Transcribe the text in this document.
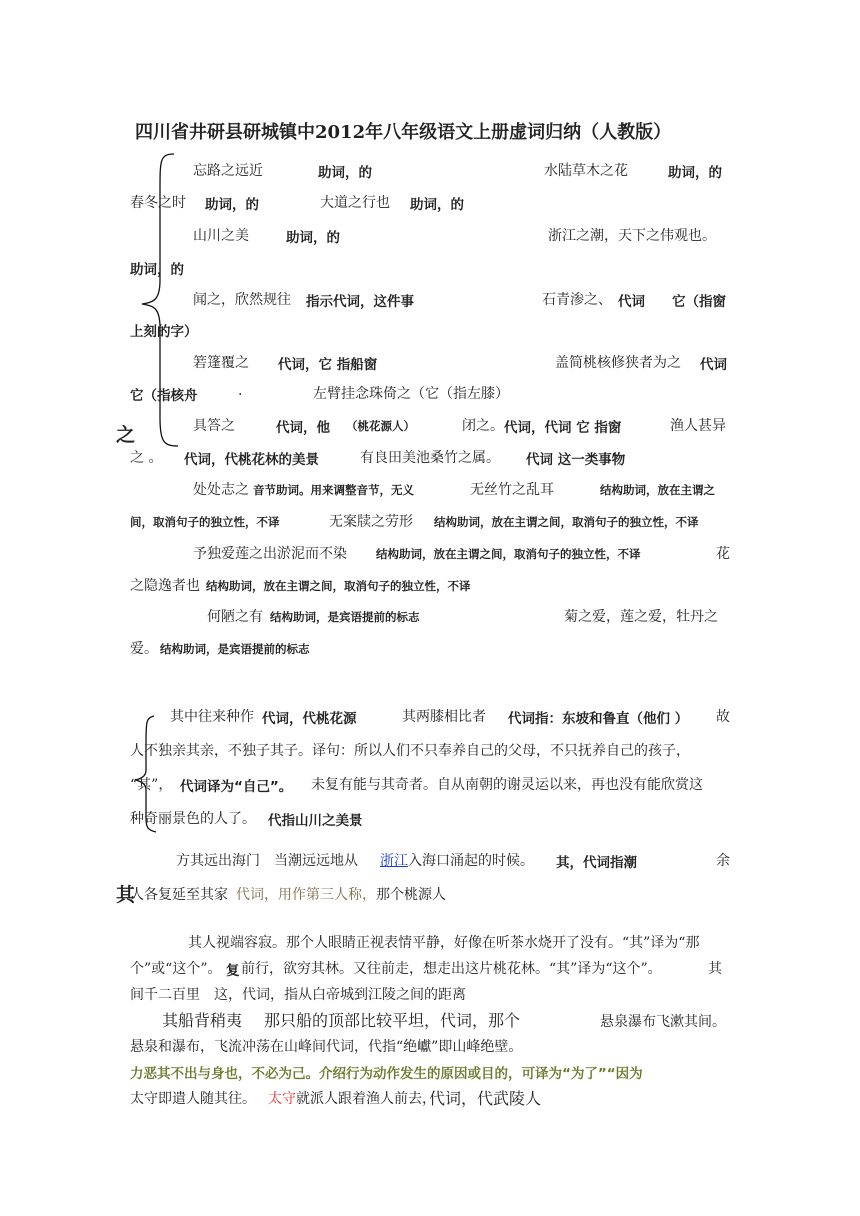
四川省井研县研城镇中2012年八年级语文上册虚词归纳（人教版）
之
忘路之远近	助词，的	水陆草木之花	助词，的
春冬之时 助词，的	大道之行也 助词，的
山川之美	助词，的	浙江之潮，天下之伟观也。
助词，的
闻之，欣然规往 指示代词，这件事	石青渗之、 代词 它（指窗
上刻的字）
箬篷覆之 代词，它 指船窗	盖简桃核修狭者为之 代词
它（指核舟	.	左臂挂念珠倚之（它（指左膝）
具答之	代词，他 （桃花源人）	闭之。 代词，代词 它 指窗	渔人甚异
之 。 代词，代桃花林的美景	有良田美池桑竹之属。 代词 这一类事物
处处志之 音节助词。用来调整音节，无义	无丝竹之乱耳	结构助词，放在主谓之
间，取消句子的独立性，不译	无案牍之劳形 结构助词，放在主谓之间，取消句子的独立性，不译
予独爱莲之出淤泥而不染	结构助词，放在主谓之间，取消句子的独立性，不译	花
之隐逸者也 结构助词，放在主谓之间，取消句子的独立性，不译
何陋之有 结构助词，是宾语提前的标志	菊之爱，莲之爱，牡丹之
爱。 结构助词，是宾语提前的标志
其
其中往来种作 代词，代桃花源	其两膝相比者 代词指：东坡和鲁直（他们 ） 故
人不独亲其亲，不独子其子。译句：所以人们不只奉养自己的父母，不只抚养自己的孩子，
“其”， 代词译为“自己”。 未复有能与其奇者。自从南朝的谢灵运以来，再也没有能欣赏这
种奇丽景色的人了。 代指山川之美景
方其远出海门　当潮远远地从 浙江 入海口涌起的时候。 其，代词指潮	余
人各复延至其家 代词，用作第三人称， 那个桃源人
其人视端容寂。那个人眼睛正视表情平静，好像在听茶水烧开了没有。“其”译为“那
个”或“这个”。 复 前行，欲穷其林。又往前走，想走出这片桃花林。“其”译为“这个”。	其
间千二百里　这，代词，指从白帝城到江陵之间的距离
其船背稍夷 那只船的顶部比较平坦，代词，那个	悬泉瀑布飞漱其间。
悬泉和瀑布，飞流冲荡在山峰间代词，代指“绝巘”即山峰绝壁。
力恶其不出与身也，不必为己。介绍行为动作发生的原因或目的，可译为“为了”“因为
太守即遣人随其往。 太守 就派人跟着渔人前去，
代词，代武陵人
